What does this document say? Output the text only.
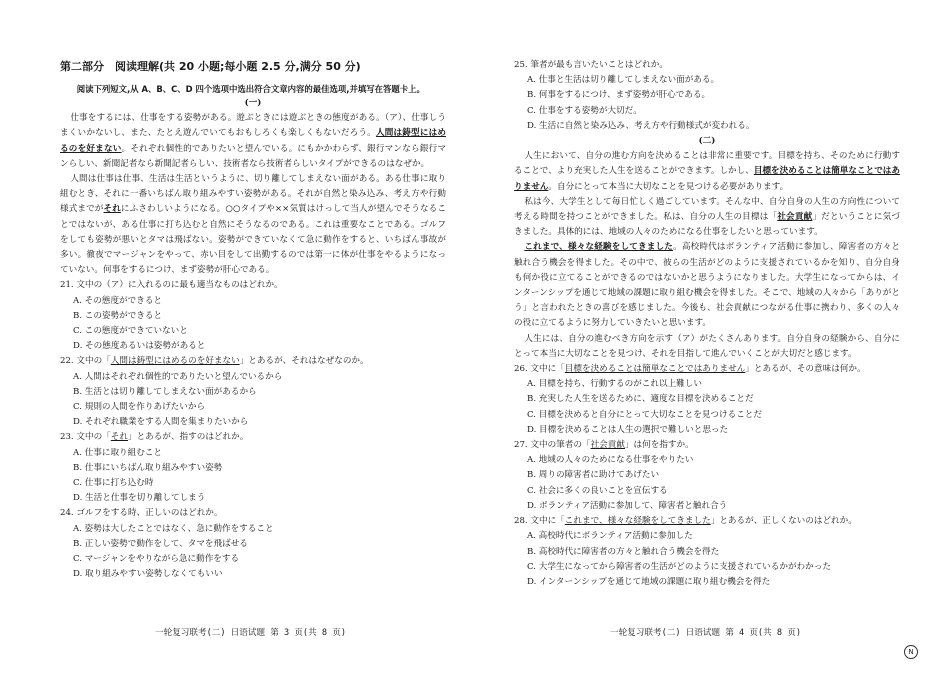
第二部分　阅读理解(共 20 小题;每小题 2.5 分,满分 50 分)
阅读下列短文,从 A、B、C、D 四个选项中选出符合文章内容的最佳选项,并填写在答题卡上。
(一)
仕事をするには、仕事をする姿勢がある。遊ぶときには遊ぶときの態度がある。（ア）、仕事しうまくいかないし、また、たとえ遊んでいてもおもしろくも楽しくもないだろう。人間は鋳型にはめるのを好まない。それぞれ個性的でありたいと望んでいる。にもかかわらず、銀行マンなら銀行マンらしい、新聞記者なら新聞記者らしい、技術者なら技術者らしいタイプができるのはなぜか。
人間は仕事は仕事、生活は生活というように、切り離してしまえない面がある。ある仕事に取り組むとき、それに一番いちばん取り組みやすい姿勢がある。それが自然と染み込み、考え方や行動様式までがそれにふさわしいようになる。○○タイプや××気質はけっして当人が望んでそうなることではないが、ある仕事に打ち込むと自然にそうなるのである。これは重要なことである。ゴルフをしても姿勢が悪いとタマは飛ばない。姿勢ができていなくて急に動作をすると、いちばん事故が多い。徹夜でマージャンをやって、赤い目をして出勤するのでは第一に体が仕事をやるようになっていない。何事をするにつけ、まず姿勢が肝心である。
21. 文中の（ア）に入れるのに最も適当なものはどれか。
A. その態度ができると
B. この姿勢ができると
C. この態度ができていないと
D. その態度あるいは姿勢があると
22. 文中の「人間は鋳型にはめるのを好まない」とあるが、それはなぜなのか。
A. 人間はそれぞれ個性的でありたいと望んでいるから
B. 生活とは切り離してしまえない面があるから
C. 規則の人間を作りあげたいから
D. それぞれ職業をする人間を集まりたいから
23. 文中の「それ」とあるが、指すのはどれか。
A. 仕事に取り組むこと
B. 仕事にいちばん取り組みやすい姿勢
C. 仕事に打ち込む時
D. 生活と仕事を切り離してしまう
24. ゴルフをする時、正しいのはどれか。
A. 姿勢は大したことではなく、急に動作をすること
B. 正しい姿勢で動作をして、タマを飛ばせる
C. マージャンをやりながら急に動作をする
D. 取り組みやすい姿勢しなくてもいい
25. 筆者が最も言いたいことはどれか。
A. 仕事と生活は切り離してしまえない面がある。
B. 何事をするにつけ、まず姿勢が肝心である。
C. 仕事をする姿勢が大切だ。
D. 生活に自然と染み込み、考え方や行動様式が変われる。
(二)
人生において、自分の進む方向を決めることは非常に重要です。目標を持ち、そのために行動することで、より充実した人生を送ることができます。しかし、目標を決めることは簡単なことではありません。自分にとって本当に大切なことを見つける必要があります。
私は今、大学生として毎日忙しく過ごしています。そんな中、自分自身の人生の方向性について考える時間を持つことができました。私は、自分の人生の目標は「社会貢献」だということに気づきました。具体的には、地域の人々のためになる仕事をしたいと思っています。
これまで、様々な経験をしてきました。高校時代はボランティア活動に参加し、障害者の方々と触れ合う機会を得ました。その中で、彼らの生活がどのように支援されているかを知り、自分自身も何か役に立てることができるのではないかと思うようになりました。大学生になってからは、インターンシップを通じて地域の課題に取り組む機会を得ました。そこで、地域の人々から「ありがとう」と言われたときの喜びを感じました。今後も、社会貢献につながる仕事に携わり、多くの人々の役に立てるように努力していきたいと思います。
人生には、自分の進むべき方向を示す（ア）がたくさんあります。自分自身の経験から、自分にとって本当に大切なことを見つけ、それを目指して進んでいくことが大切だと感じます。
26. 文中に「目標を決めることは簡単なことではありません」とあるが、その意味は何か。
A. 目標を持ち、行動するのがこれ以上難しい
B. 充実した人生を送るために、適度な目標を決めることだ
C. 目標を決めると自分にとって大切なことを見つけることだ
D. 目標を決めることは人生の選択で難しいと思った
27. 文中の筆者の「社会貢献」は何を指すか。
A. 地域の人々のためになる仕事をやりたい
B. 周りの障害者に助けてあげたい
C. 社会に多くの良いことを宣伝する
D. ボランティア活動に参加して、障害者と触れ合う
28. 文中に「これまで、様々な経験をしてきました」とあるが、正しくないのはどれか。
A. 高校時代にボランティア活動に参加した
B. 高校時代に障害者の方々と触れ合う機会を得た
C. 大学生になってから障害者の生活がどのように支援されているかがわかった
D. インターンシップを通じて地域の課題に取り組む機会を得た
一轮复习联考(二) 日语试题 第 3 页(共 8 页)	一轮复习联考(二) 日语试题 第 4 页(共 8 页)
N
